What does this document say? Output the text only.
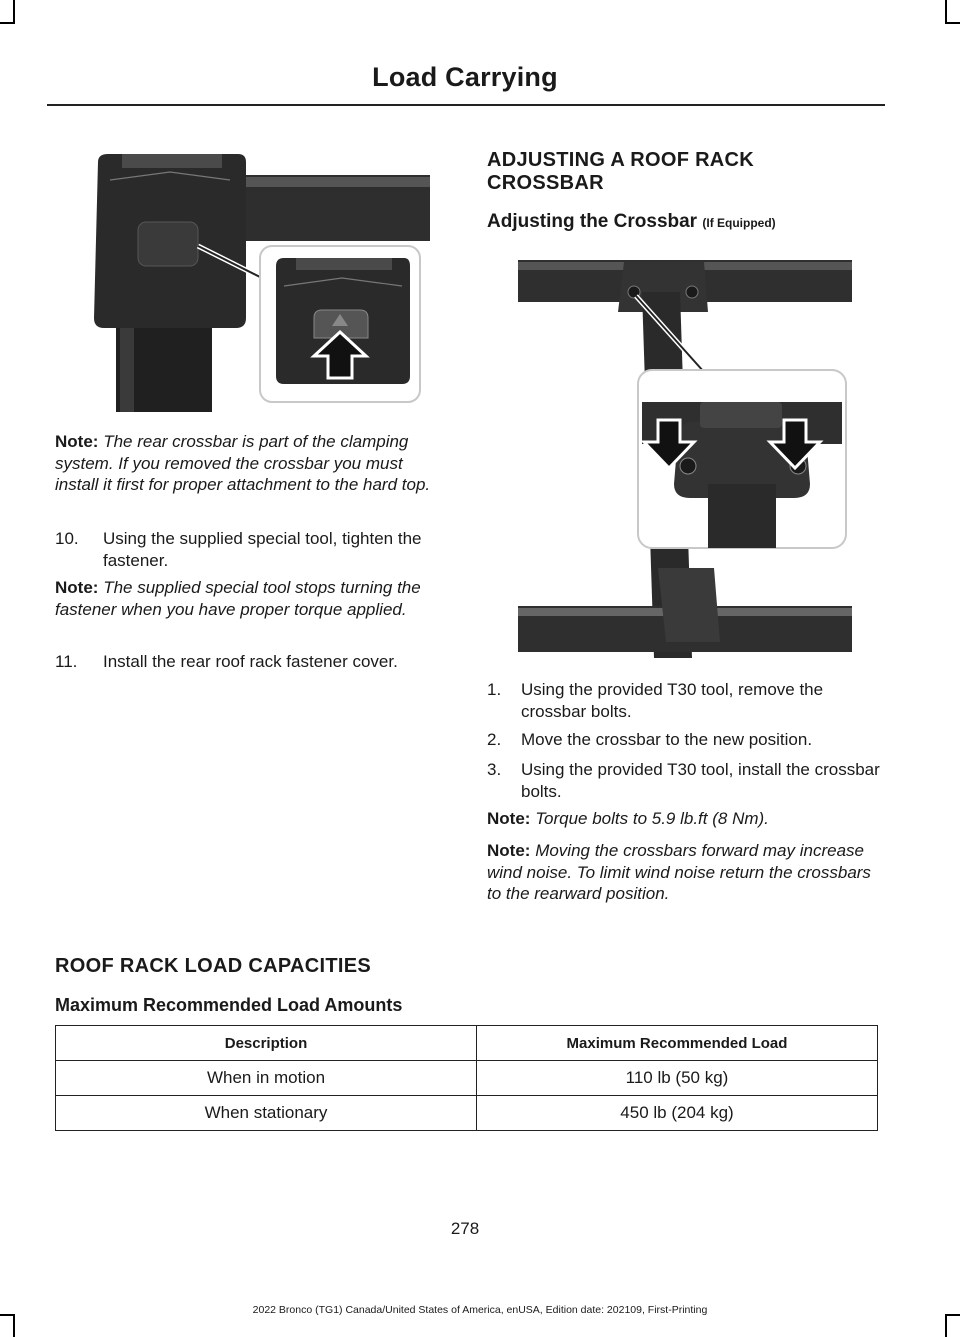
Load Carrying
Note: The rear crossbar is part of the clamping system. If you removed the crossbar you must install it first for proper attachment to the hard top.
10. Using the supplied special tool, tighten the fastener.
Note: The supplied special tool stops turning the fastener when you have proper torque applied.
11. Install the rear roof rack fastener cover.
ADJUSTING A ROOF RACK
CROSSBAR
Adjusting the Crossbar (If Equipped)
1. Using the provided T30 tool, remove the crossbar bolts.
2. Move the crossbar to the new position.
3. Using the provided T30 tool, install the crossbar bolts.
Note: Torque bolts to 5.9 lb.ft (8 Nm).
Note: Moving the crossbars forward may increase wind noise. To limit wind noise return the crossbars to the rearward position.
ROOF RACK LOAD CAPACITIES
Maximum Recommended Load Amounts
Description	Maximum Recommended Load
When in motion	110 lb (50 kg)
When stationary	450 lb (204 kg)
278
2022 Bronco (TG1) Canada/United States of America, enUSA, Edition date: 202109, First-Printing
